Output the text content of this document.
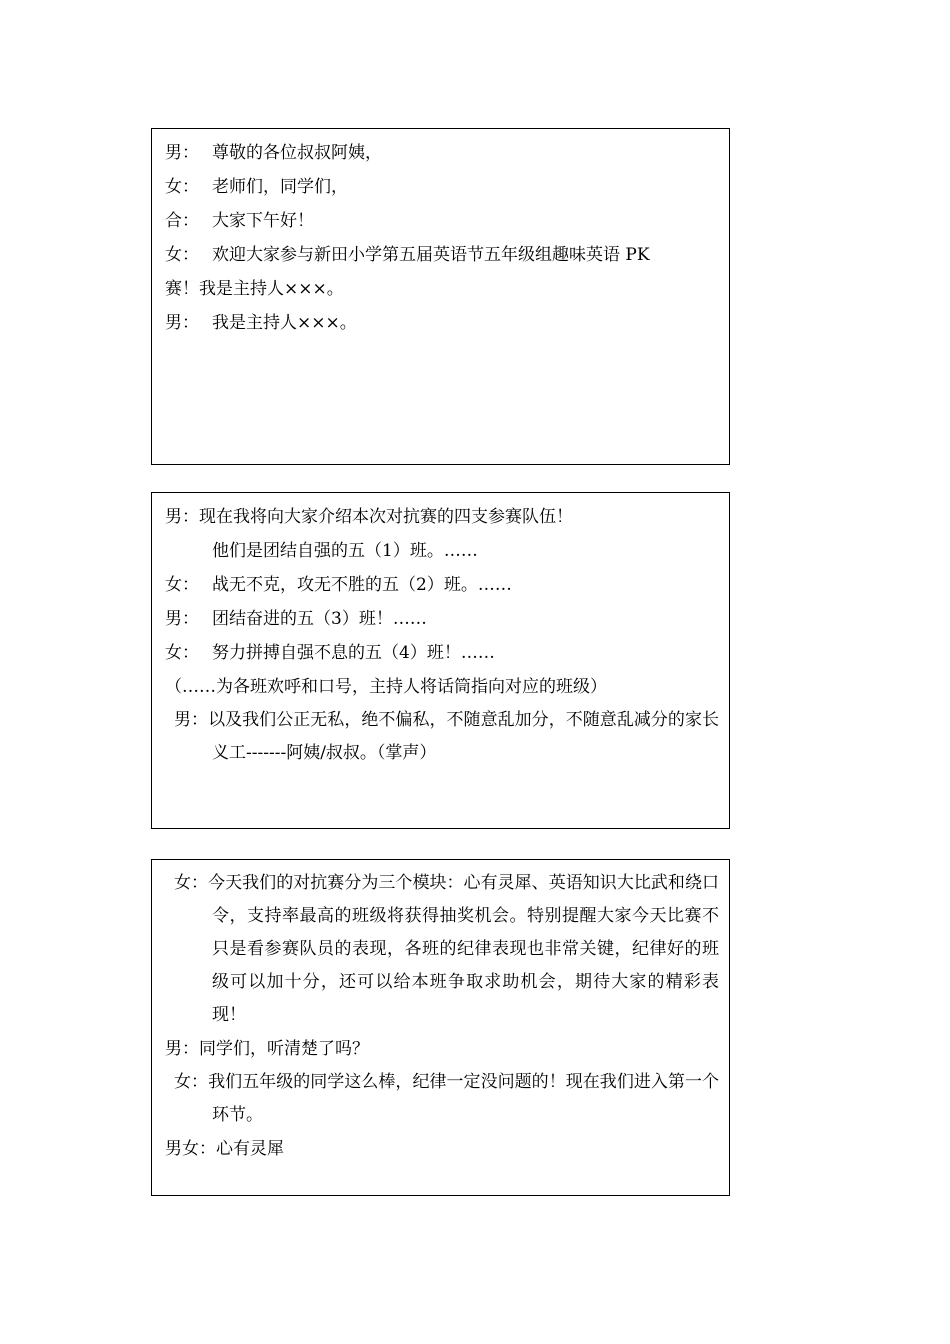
男： 尊敬的各位叔叔阿姨，
女： 老师们，同学们，
合： 大家下午好！
女： 欢迎大家参与新田小学第五届英语节五年级组趣味英语 PK
赛！我是主持人×××。
男： 我是主持人×××。
男：现在我将向大家介绍本次对抗赛的四支参赛队伍！
他们是团结自强的五（1）班。……
女： 战无不克，攻无不胜的五（2）班。……
男： 团结奋进的五（3）班！……
女： 努力拼搏自强不息的五（4）班！……
（……为各班欢呼和口号，主持人将话筒指向对应的班级）
男：以及我们公正无私，绝不偏私，不随意乱加分，不随意乱减分的家长义工-------阿姨/叔叔。（掌声）
女：今天我们的对抗赛分为三个模块：心有灵犀、英语知识大比武和绕口令，支持率最高的班级将获得抽奖机会。特别提醒大家今天比赛不只是看参赛队员的表现，各班的纪律表现也非常关键，纪律好的班级可以加十分，还可以给本班争取求助机会，期待大家的精彩表现！
男：同学们，听清楚了吗？
女：我们五年级的同学这么棒，纪律一定没问题的！现在我们进入第一个环节。
男女：心有灵犀
